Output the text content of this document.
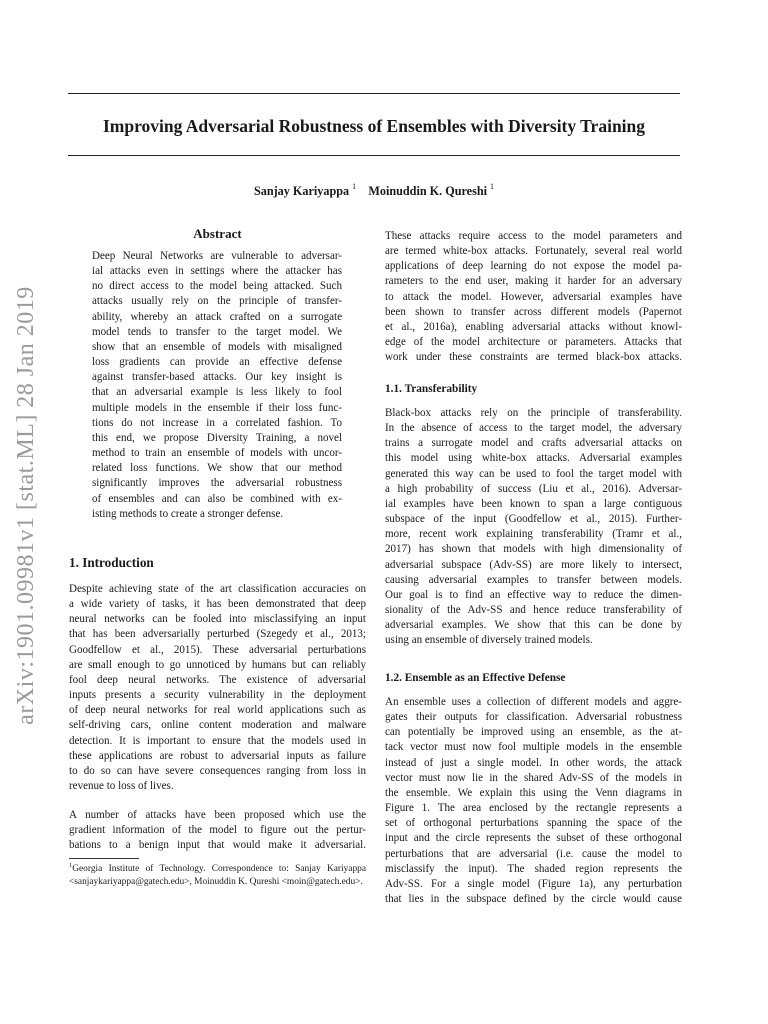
Improving Adversarial Robustness of Ensembles with Diversity Training
Sanjay Kariyappa $^1$ Moinuddin K. Qureshi $^1$
arXiv:1901.09981v1 [stat.ML] 28 Jan 2019
Abstract
Deep Neural Networks are vulnerable to adversar-
ial attacks even in settings where the attacker has
no direct access to the model being attacked. Such
attacks usually rely on the principle of transfer-
ability, whereby an attack crafted on a surrogate
model tends to transfer to the target model. We
show that an ensemble of models with misaligned
loss gradients can provide an effective defense
against transfer-based attacks. Our key insight is
that an adversarial example is less likely to fool
multiple models in the ensemble if their loss func-
tions do not increase in a correlated fashion. To
this end, we propose Diversity Training, a novel
method to train an ensemble of models with uncor-
related loss functions. We show that our method
significantly improves the adversarial robustness
of ensembles and can also be combined with ex-
isting methods to create a stronger defense.
1. Introduction
Despite achieving state of the art classification accuracies on
a wide variety of tasks, it has been demonstrated that deep
neural networks can be fooled into misclassifying an input
that has been adversarially perturbed (Szegedy et al., 2013;
Goodfellow et al., 2015). These adversarial perturbations
are small enough to go unnoticed by humans but can reliably
fool deep neural networks. The existence of adversarial
inputs presents a security vulnerability in the deployment
of deep neural networks for real world applications such as
self-driving cars, online content moderation and malware
detection. It is important to ensure that the models used in
these applications are robust to adversarial inputs as failure
to do so can have severe consequences ranging from loss in
revenue to loss of lives.
A number of attacks have been proposed which use the
gradient information of the model to figure out the pertur-
bations to a benign input that would make it adversarial.

$^1$Georgia Institute of Technology. Correspondence to: Sanjay Kariyappa <sanjaykariyappa@gatech.edu>, Moinuddin K. Qureshi <moin@gatech.edu>.

These attacks require access to the model parameters and
are termed white-box attacks. Fortunately, several real world
applications of deep learning do not expose the model pa-
rameters to the end user, making it harder for an adversary
to attack the model. However, adversarial examples have
been shown to transfer across different models (Papernot
et al., 2016a), enabling adversarial attacks without knowl-
edge of the model architecture or parameters. Attacks that
work under these constraints are termed black-box attacks.
1.1. Transferability
Black-box attacks rely on the principle of transferability.
In the absence of access to the target model, the adversary
trains a surrogate model and crafts adversarial attacks on
this model using white-box attacks. Adversarial examples
generated this way can be used to fool the target model with
a high probability of success (Liu et al., 2016). Adversar-
ial examples have been known to span a large contiguous
subspace of the input (Goodfellow et al., 2015). Further-
more, recent work explaining transferability (Tramr et al.,
2017) has shown that models with high dimensionality of
adversarial subspace (Adv-SS) are more likely to intersect,
causing adversarial examples to transfer between models.
Our goal is to find an effective way to reduce the dimen-
sionality of the Adv-SS and hence reduce transferability of
adversarial examples. We show that this can be done by
using an ensemble of diversely trained models.
1.2. Ensemble as an Effective Defense
An ensemble uses a collection of different models and aggre-
gates their outputs for classification. Adversarial robustness
can potentially be improved using an ensemble, as the at-
tack vector must now fool multiple models in the ensemble
instead of just a single model. In other words, the attack
vector must now lie in the shared Adv-SS of the models in
the ensemble. We explain this using the Venn diagrams in
Figure 1. The area enclosed by the rectangle represents a
set of orthogonal perturbations spanning the space of the
input and the circle represents the subset of these orthogonal
perturbations that are adversarial (i.e. cause the model to
misclassify the input). The shaded region represents the
Adv-SS. For a single model (Figure 1a), any perturbation
that lies in the subspace defined by the circle would cause
